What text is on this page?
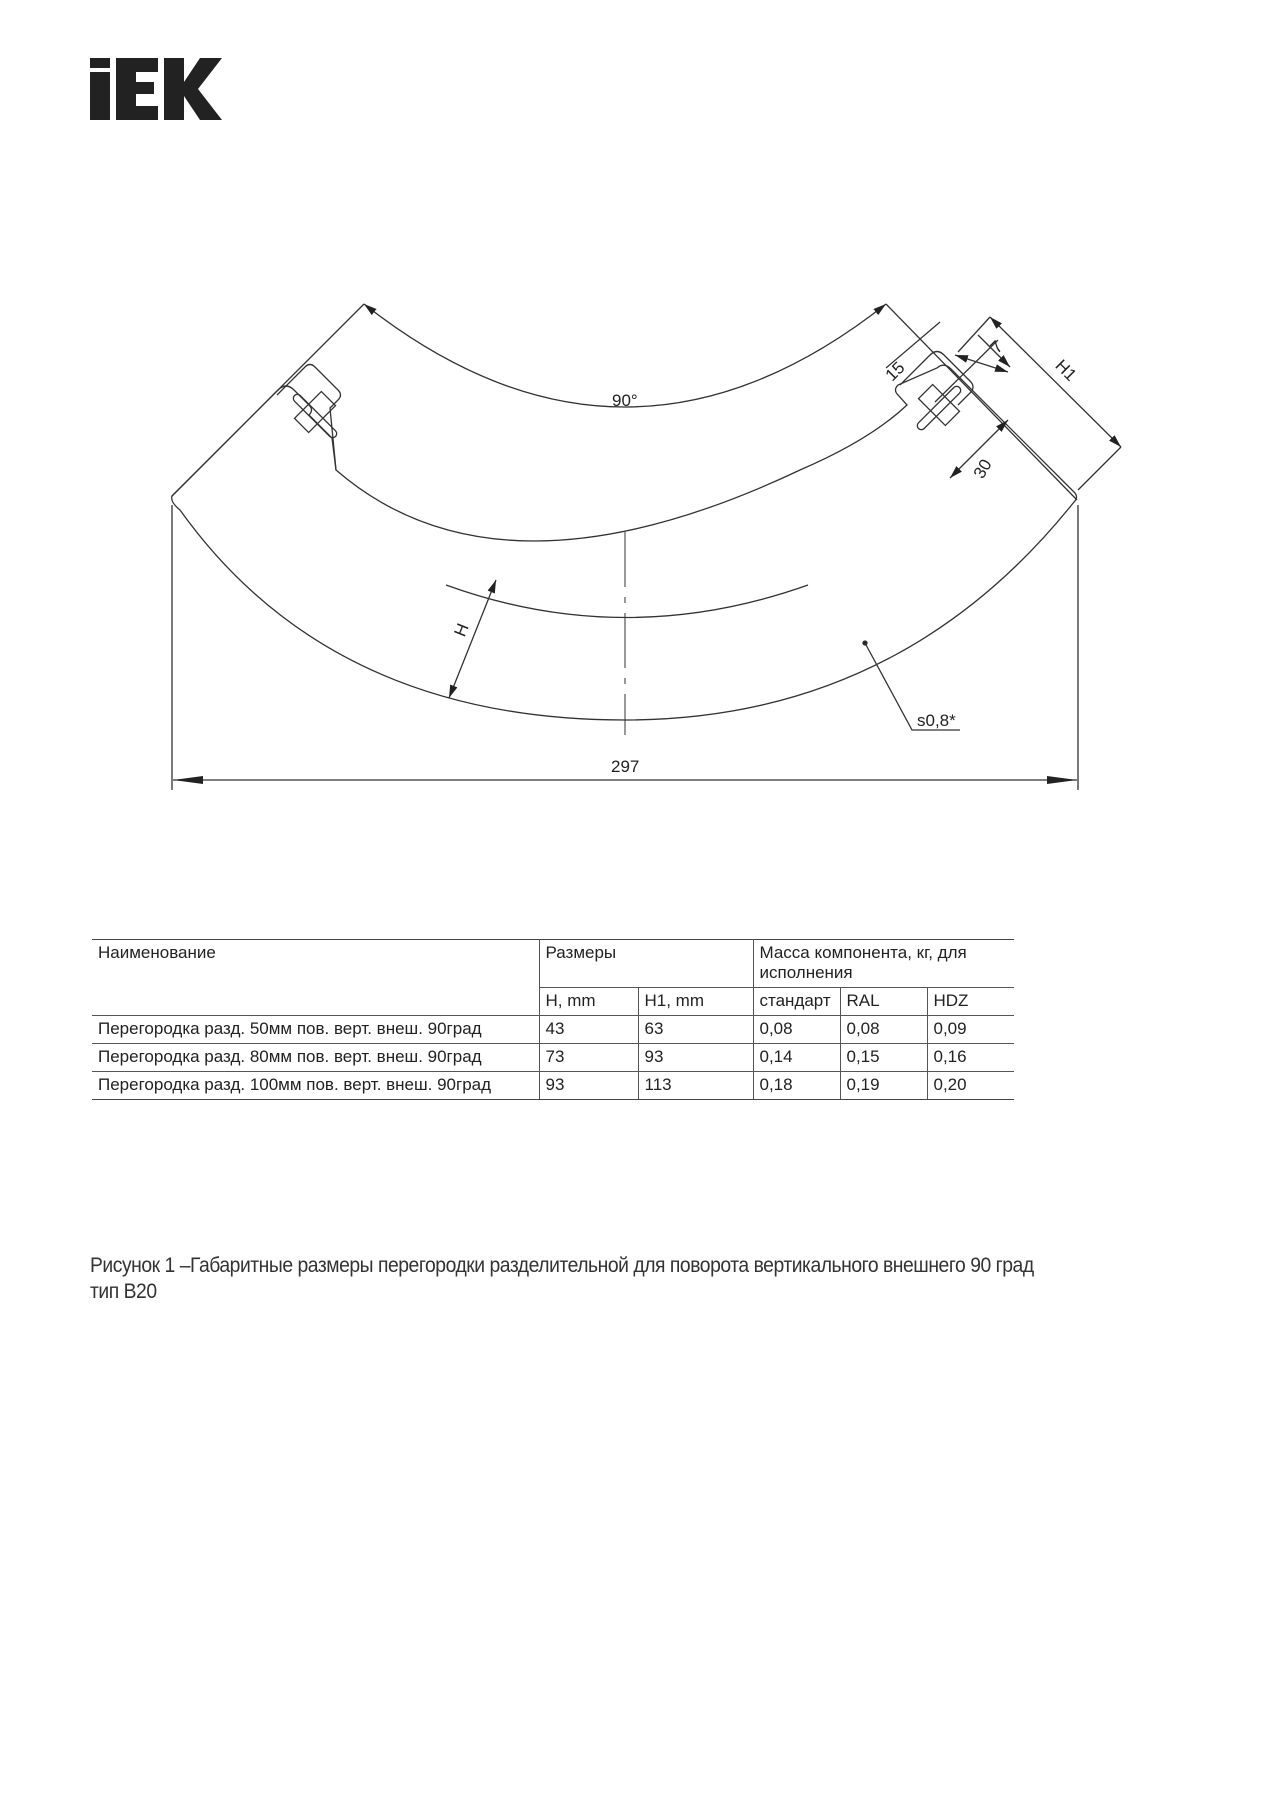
90°
15
7
H1
30
H
s0,8*
297
Наименование	Размеры		Масса компонента, кг, для исполнения		
	H, mm	H1, mm	стандарт	RAL	HDZ
Перегородка разд. 50мм пов. верт. внеш. 90град	43	63	0,08	0,08	0,09
Перегородка разд. 80мм пов. верт. внеш. 90град	73	93	0,14	0,15	0,16
Перегородка разд. 100мм пов. верт. внеш. 90град	93	113	0,18	0,19	0,20
Рисунок 1 –Габаритные размеры перегородки разделительной для поворота вертикального внешнего 90 град
тип B20
